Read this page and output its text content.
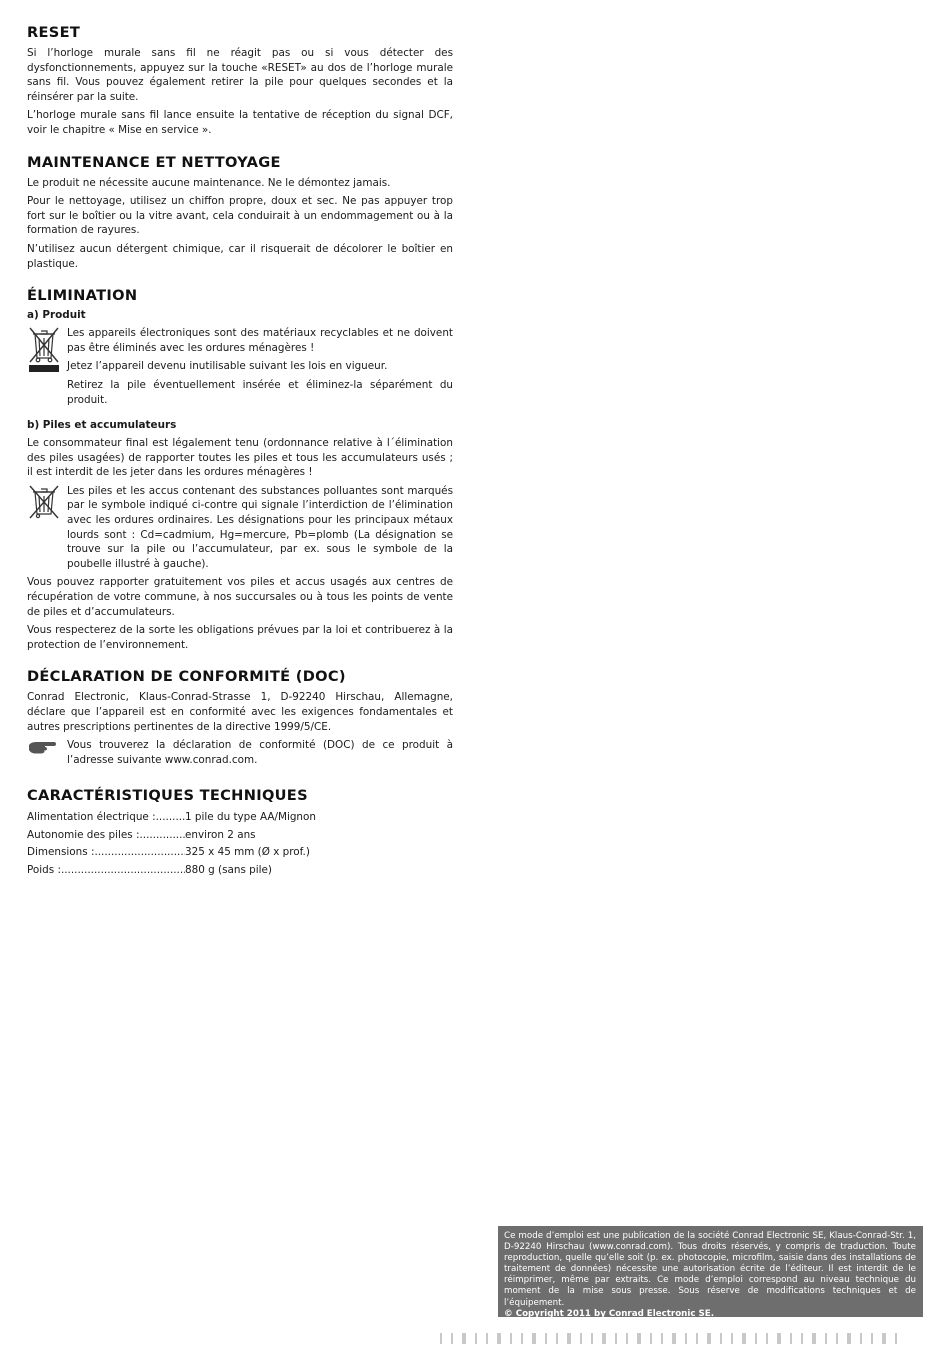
RESET

Si l’horloge murale sans fil ne réagit pas ou si vous détecter des dysfonctionnements, appuyez sur la touche «RESET» au dos de l’horloge murale sans fil. Vous pouvez également retirer la pile pour quelques secondes et la réinsérer par la suite.

L’horloge murale sans fil lance ensuite la tentative de réception du signal DCF, voir le chapitre « Mise en service ».

MAINTENANCE ET NETTOYAGE

Le produit ne nécessite aucune maintenance. Ne le démontez jamais.

Pour le nettoyage, utilisez un chiffon propre, doux et sec. Ne pas appuyer trop fort sur le boîtier ou la vitre avant, cela conduirait à un endommagement ou à la formation de rayures.

N’utilisez aucun détergent chimique, car il risquerait de décolorer le boîtier en plastique.

ÉLIMINATION
a) Produit

Les appareils électroniques sont des matériaux recyclables et ne doivent pas être éliminés avec les ordures ménagères !

Jetez l’appareil devenu inutilisable suivant les lois en vigueur.

Retirez la pile éventuellement insérée et éliminez-la séparément du produit.

b) Piles et accumulateurs

Le consommateur final est légalement tenu (ordonnance relative à l´élimination des piles usagées) de rapporter toutes les piles et tous les accumulateurs usés ; il est interdit de les jeter dans les ordures ménagères !

Les piles et les accus contenant des substances polluantes sont marqués par le symbole indiqué ci-contre qui signale l’interdiction de l’élimination avec les ordures ordinaires. Les désignations pour les principaux métaux lourds sont : Cd=cadmium, Hg=mercure, Pb=plomb (La désignation se trouve sur la pile ou l’accumulateur, par ex. sous le symbole de la poubelle illustré à gauche).

Vous pouvez rapporter gratuitement vos piles et accus usagés aux centres de récupération de votre commune, à nos succursales ou à tous les points de vente de piles et d’accumulateurs.

Vous respecterez de la sorte les obligations prévues par la loi et contribuerez à la protection de l’environnement.

DÉCLARATION DE CONFORMITÉ (DOC)

Conrad Electronic, Klaus-Conrad-Strasse 1, D-92240 Hirschau, Allemagne, déclare que l’appareil est en conformité avec les exigences fondamentales et autres prescriptions pertinentes de la directive 1999/5/CE.

Vous trouverez la déclaration de conformité (DOC) de ce produit à l’adresse suivante www.conrad.com.

CARACTÉRISTIQUES TECHNIQUES
Alimentation électrique : .....	1 pile du type AA/Mignon
Autonomie des piles : .....	environ 2 ans
Dimensions : .....	325 x 45 mm (Ø x prof.)
Poids : .....	880 g (sans pile)

Ce mode d’emploi est une publication de la société Conrad Electronic SE, Klaus-Conrad-Str. 1, D-92240 Hirschau (www.conrad.com). Tous droits réservés, y compris de traduction. Toute reproduction, quelle qu’elle soit (p. ex. photocopie, microfilm, saisie dans des installations de traitement de données) nécessite une autorisation écrite de l’éditeur. Il est interdit de le réimprimer, même par extraits. Ce mode d’emploi correspond au niveau technique du moment de la mise sous presse. Sous réserve de modifications techniques et de l’équipement.

© Copyright 2011 by Conrad Electronic SE.
